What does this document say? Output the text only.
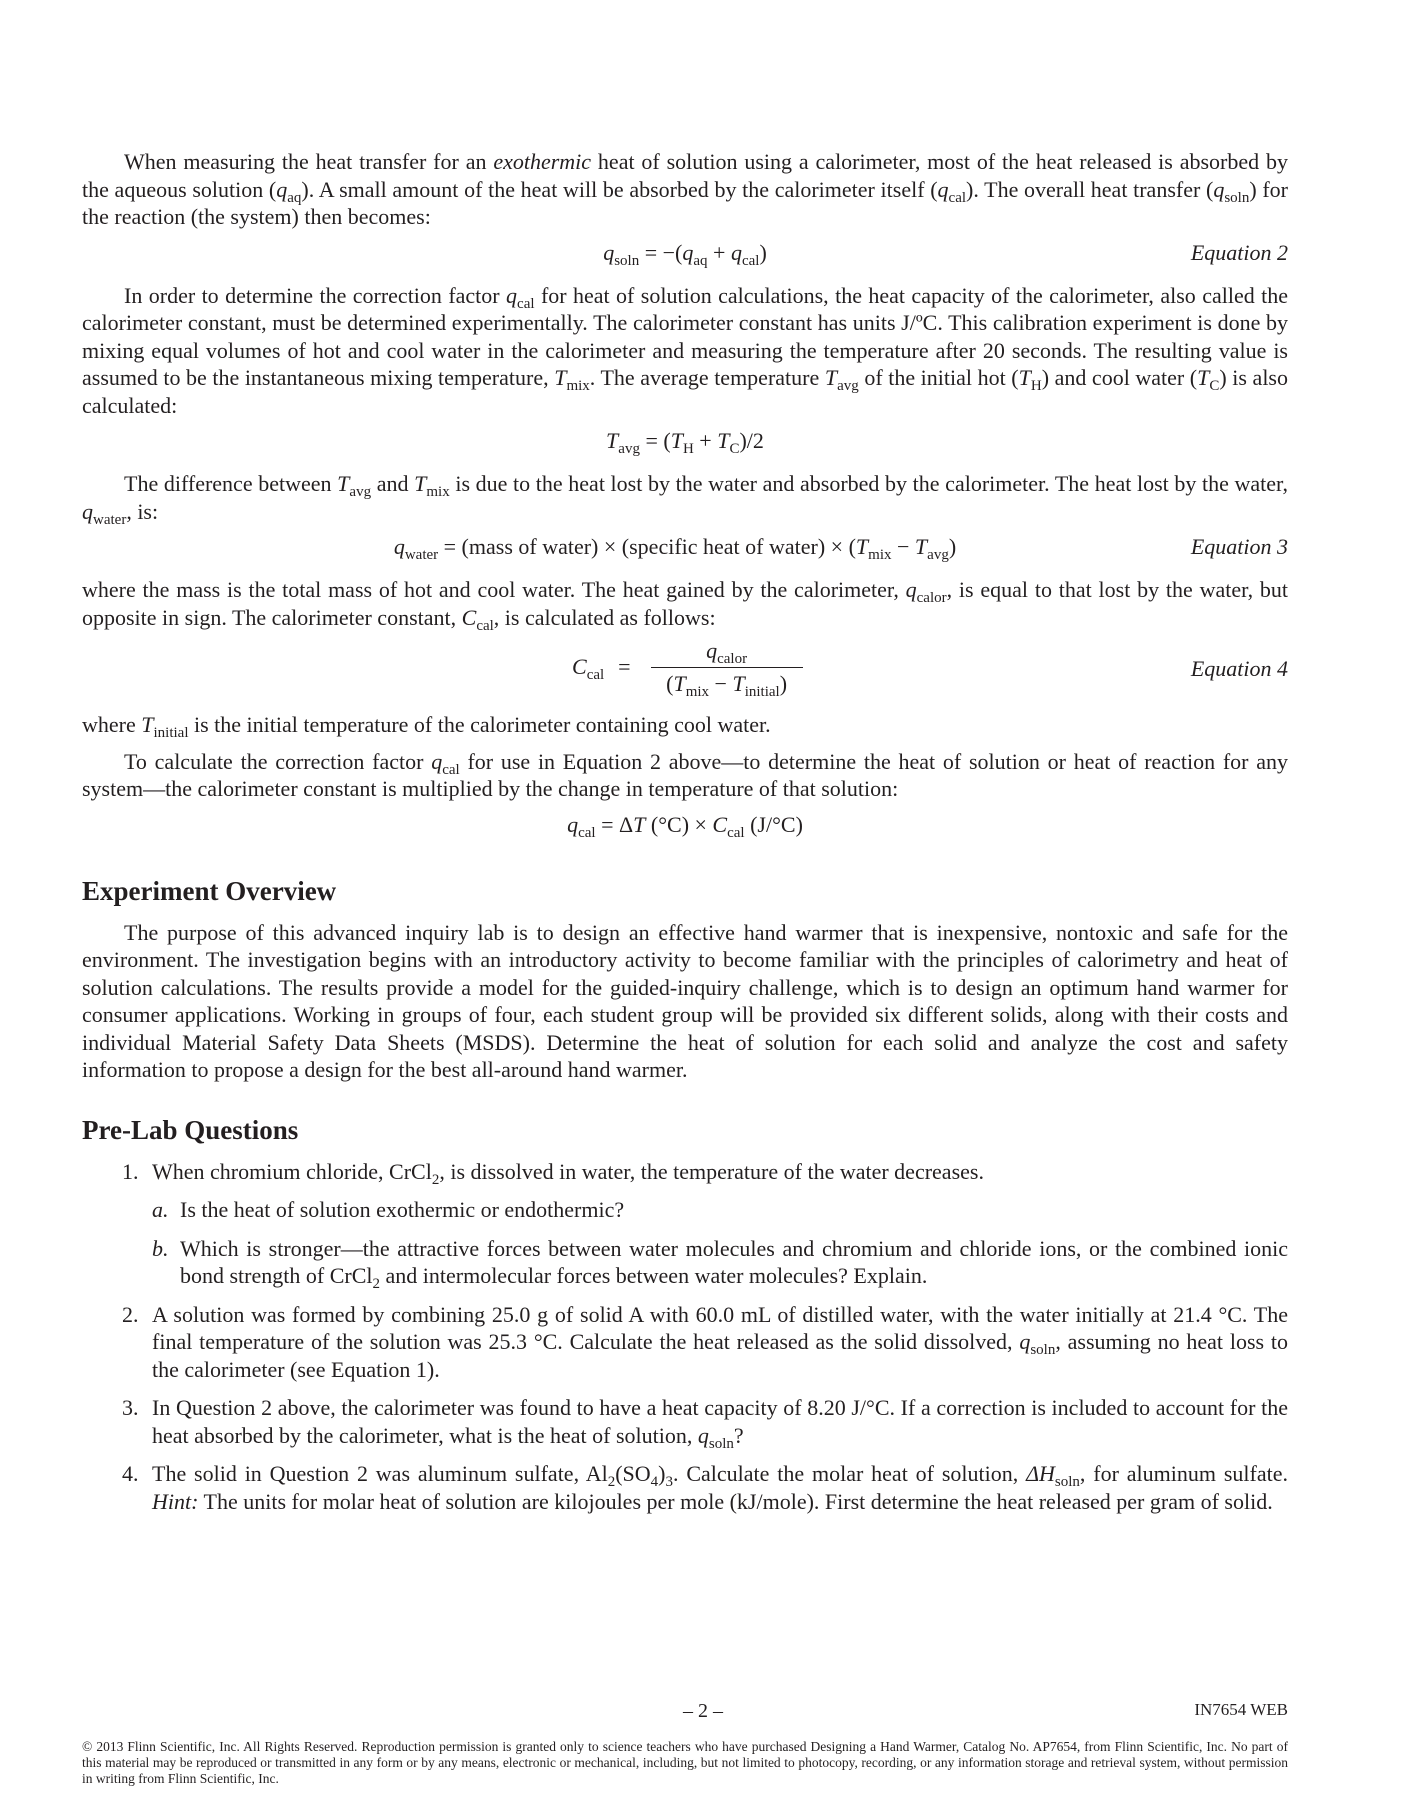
When measuring the heat transfer for an exothermic heat of solution using a calorimeter, most of the heat released is absorbed by the aqueous solution $(q_{aq})$. A small amount of the heat will be absorbed by the calorimeter itself $(q_{cal})$. The overall heat transfer $(q_{soln})$ for the reaction (the system) then becomes:

$q_{soln} = -(q_{aq} + q_{cal})$	Equation 2

In order to determine the correction factor $q_{cal}$ for heat of solution calculations, the heat capacity of the calorimeter, also called the calorimeter constant, must be determined experimentally. The calorimeter constant has units J/ºC. This calibration experiment is done by mixing equal volumes of hot and cool water in the calorimeter and measuring the temperature after 20 seconds. The resulting value is assumed to be the instantaneous mixing temperature, $T_{mix}$. The average temperature $T_{avg}$ of the initial hot $(T_H)$ and cool water $(T_C)$ is also calculated:

$T_{avg} = (T_H + T_C)/2$

The difference between $T_{avg}$ and $T_{mix}$ is due to the heat lost by the water and absorbed by the calorimeter. The heat lost by the water, $q_{water}$, is:

$q_{water}$ = (mass of water) × (specific heat of water) × $(T_{mix} - T_{avg})$	Equation 3

where the mass is the total mass of hot and cool water. The heat gained by the calorimeter, $q_{calor}$, is equal to that lost by the water, but opposite in sign. The calorimeter constant, $C_{cal}$, is calculated as follows:

$C_{cal} = \frac{q_{calor}}{(T_{mix} - T_{initial})}$	Equation 4

where $T_{initial}$ is the initial temperature of the calorimeter containing cool water.

To calculate the correction factor $q_{cal}$ for use in Equation 2 above—to determine the heat of solution or heat of reaction for any system—the calorimeter constant is multiplied by the change in temperature of that solution:

$q_{cal} = \Delta T$ $(^\circ C) \times C_{cal}$ (J/°C)
Experiment Overview

The purpose of this advanced inquiry lab is to design an effective hand warmer that is inexpensive, nontoxic and safe for the environment. The investigation begins with an introductory activity to become familiar with the principles of calorimetry and heat of solution calculations. The results provide a model for the guided-inquiry challenge, which is to design an optimum hand warmer for consumer applications. Working in groups of four, each student group will be provided six different solids, along with their costs and individual Material Safety Data Sheets (MSDS). Determine the heat of solution for each solid and analyze the cost and safety information to propose a design for the best all-around hand warmer.

Pre-Lab Questions
1. When chromium chloride, CrCl$_2$, is dissolved in water, the temperature of the water decreases.

a. Is the heat of solution exothermic or endothermic?

b. Which is stronger—the attractive forces between water molecules and chromium and chloride ions, or the combined ionic bond strength of CrCl$_2$ and intermolecular forces between water molecules? Explain.

2. A solution was formed by combining 25.0 g of solid A with 60.0 mL of distilled water, with the water initially at 21.4 °C. The final temperature of the solution was 25.3 °C. Calculate the heat released as the solid dissolved, $q_{soln}$, assuming no heat loss to the calorimeter (see Equation 1).

3. In Question 2 above, the calorimeter was found to have a heat capacity of 8.20 J/°C. If a correction is included to account for the heat absorbed by the calorimeter, what is the heat of solution, $q_{soln}$?

4. The solid in Question 2 was aluminum sulfate, $Al_2(SO_4)_3$. Calculate the molar heat of solution, $\Delta H_{soln}$, for aluminum sulfate. Hint: The units for molar heat of solution are kilojoules per mole (kJ/mole). First determine the heat released per gram of solid.

– 2 –	IN7654 WEB
© 2013 Flinn Scientific, Inc. All Rights Reserved. Reproduction permission is granted only to science teachers who have purchased Designing a Hand Warmer, Catalog No. AP7654, from Flinn Scientific, Inc. No part of this material may be reproduced or transmitted in any form or by any means, electronic or mechanical, including, but not limited to photocopy, recording, or any information storage and retrieval system, without permission in writing from Flinn Scientific, Inc.
